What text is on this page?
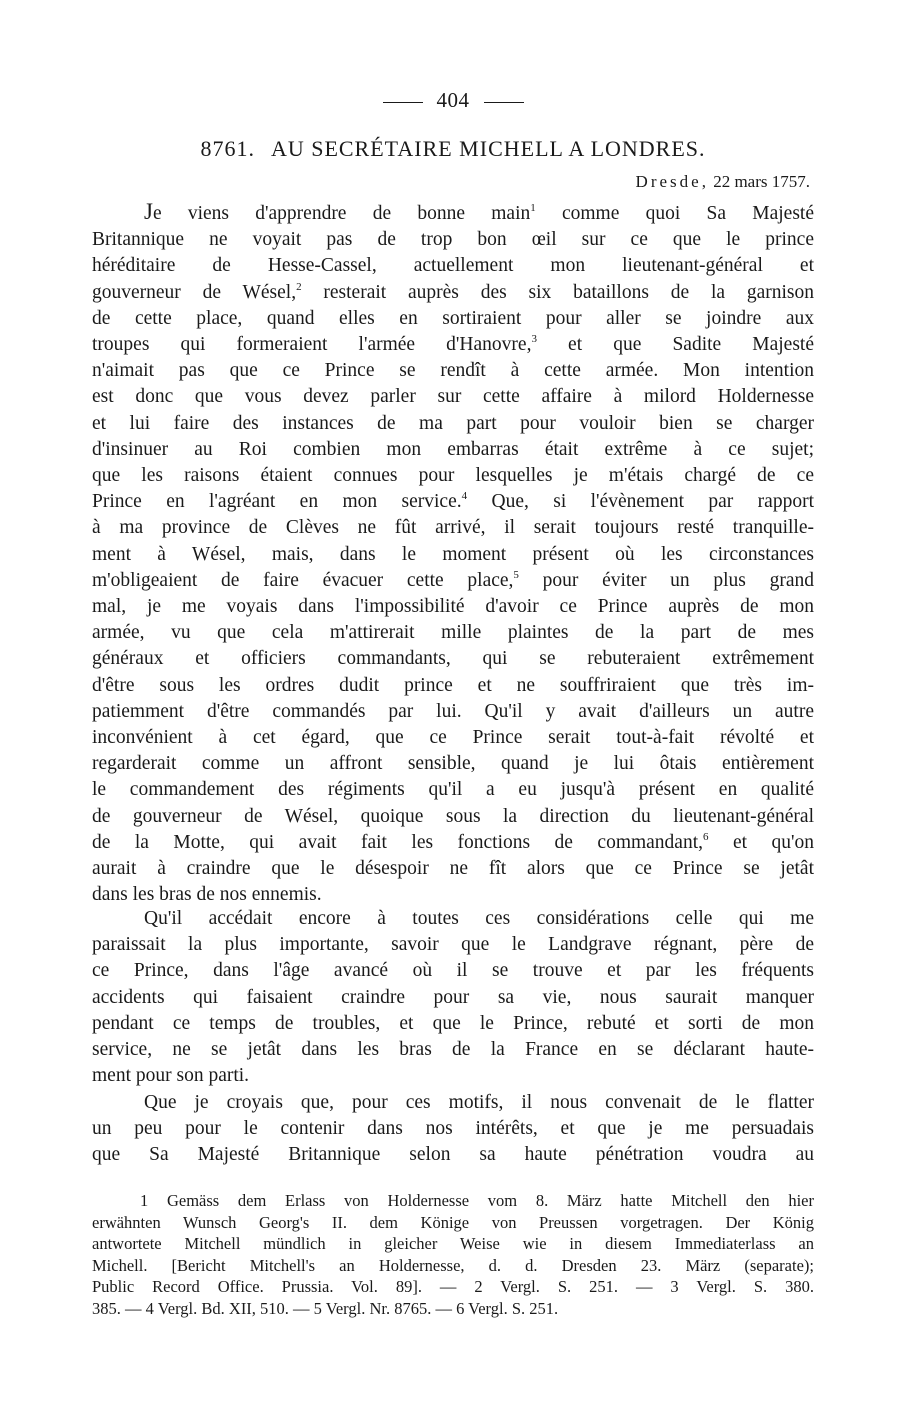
404
8761. AU SECRÉTAIRE MICHELL A LONDRES.
Dresde, 22 mars 1757.
Je viens d'apprendre de bonne main$^1$ comme quoi Sa Majesté
Britannique ne voyait pas de trop bon œil sur ce que le prince
héréditaire de Hesse-Cassel, actuellement mon lieutenant-général et
gouverneur de Wésel,$^2$ resterait auprès des six bataillons de la garnison
de cette place, quand elles en sortiraient pour aller se joindre aux
troupes qui formeraient l'armée d'Hanovre,$^3$ et que Sadite Majesté
n'aimait pas que ce Prince se rendît à cette armée. Mon intention
est donc que vous devez parler sur cette affaire à milord Holdernesse
et lui faire des instances de ma part pour vouloir bien se charger
d'insinuer au Roi combien mon embarras était extrême à ce sujet;
que les raisons étaient connues pour lesquelles je m'étais chargé de ce
Prince en l'agréant en mon service.$^4$ Que, si l'évènement par rapport
à ma province de Clèves ne fût arrivé, il serait toujours resté tranquille-
ment à Wésel, mais, dans le moment présent où les circonstances
m'obligeaient de faire évacuer cette place,$^5$ pour éviter un plus grand
mal, je me voyais dans l'impossibilité d'avoir ce Prince auprès de mon
armée, vu que cela m'attirerait mille plaintes de la part de mes
généraux et officiers commandants, qui se rebuteraient extrêmement
d'être sous les ordres dudit prince et ne souffriraient que très im-
patiemment d'être commandés par lui. Qu'il y avait d'ailleurs un autre
inconvénient à cet égard, que ce Prince serait tout-à-fait révolté et
regarderait comme un affront sensible, quand je lui ôtais entièrement
le commandement des régiments qu'il a eu jusqu'à présent en qualité
de gouverneur de Wésel, quoique sous la direction du lieutenant-général
de la Motte, qui avait fait les fonctions de commandant,$^6$ et qu'on
aurait à craindre que le désespoir ne fît alors que ce Prince se jetât
dans les bras de nos ennemis.
Qu'il accédait encore à toutes ces considérations celle qui me
paraissait la plus importante, savoir que le Landgrave régnant, père de
ce Prince, dans l'âge avancé où il se trouve et par les fréquents
accidents qui faisaient craindre pour sa vie, nous saurait manquer
pendant ce temps de troubles, et que le Prince, rebuté et sorti de mon
service, ne se jetât dans les bras de la France en se déclarant haute-
ment pour son parti.
Que je croyais que, pour ces motifs, il nous convenait de le flatter
un peu pour le contenir dans nos intérêts, et que je me persuadais
que Sa Majesté Britannique selon sa haute pénétration voudra au
1 Gemäss dem Erlass von Holdernesse vom 8. März hatte Mitchell den hier
erwähnten Wunsch Georg's II. dem Könige von Preussen vorgetragen. Der König
antwortete Mitchell mündlich in gleicher Weise wie in diesem Immediaterlass an
Michell. [Bericht Mitchell's an Holdernesse, d. d. Dresden 23. März (separate);
Public Record Office. Prussia. Vol. 89]. — 2 Vergl. S. 251. — 3 Vergl. S. 380.
385. — 4 Vergl. Bd. XII, 510. — 5 Vergl. Nr. 8765. — 6 Vergl. S. 251.
